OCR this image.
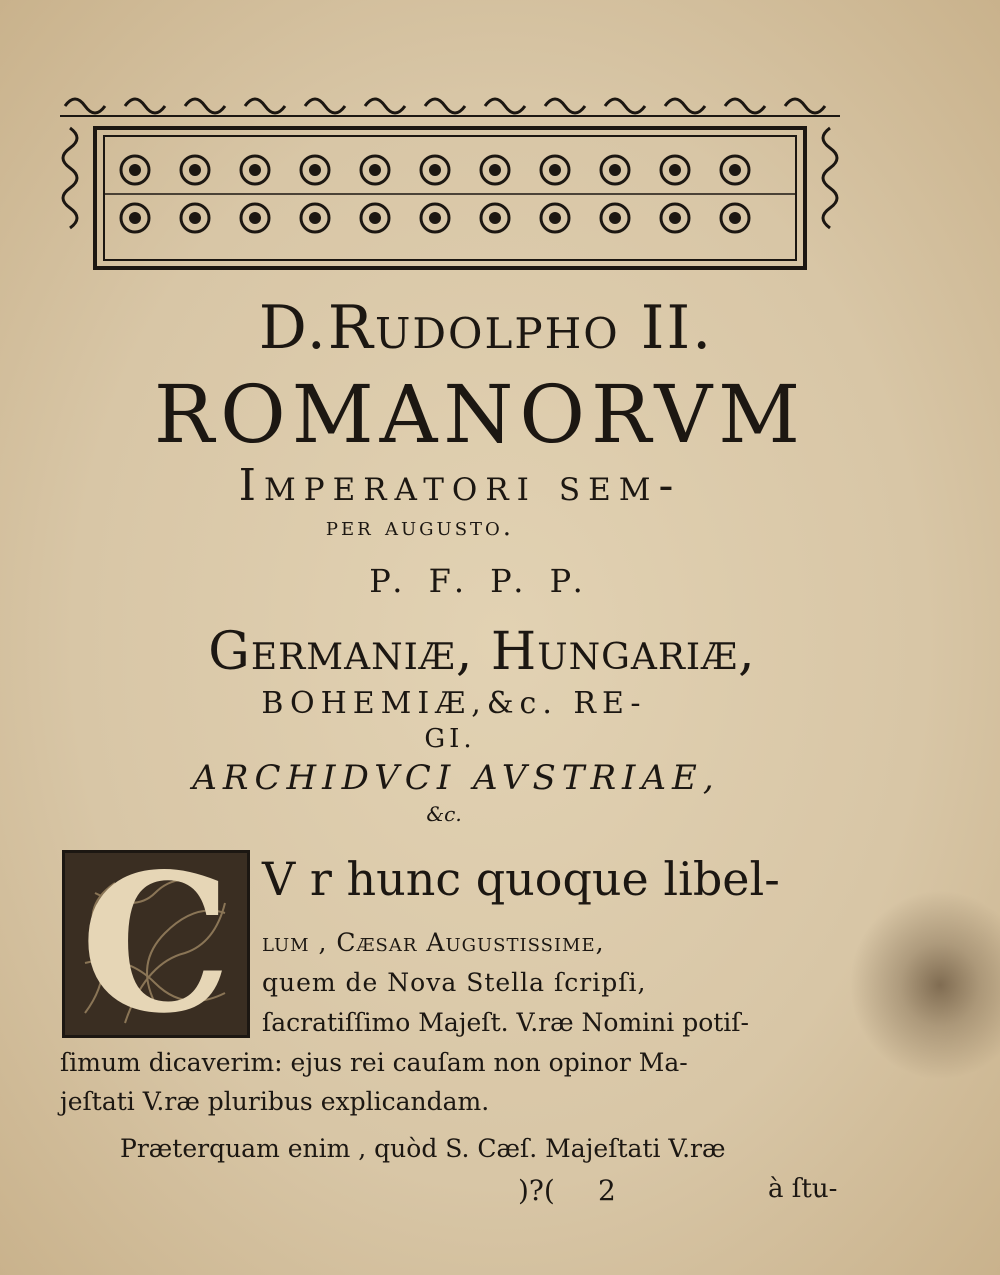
D.Rudolpho II.
ROMANORVM
Imperatori sem-
per augusto.
P. F. P. P.
Germaniæ, Hungariæ,
BOHEMIÆ,&c. RE-
GI.
ARCHIDVCI AVSTRIAE,
&c.
C V r hunc quoque libel-
lum , Cæsar Augustissime,
quem de Nova Stella ſcripſi,
ſacratiſſimo Majeſt. V.ræ Nomini potiſ-
ſimum dicaverim: ejus rei cauſam non opinor Ma-
jeſtati V.ræ pluribus explicandam.
Præterquam enim , quòd S. Cæſ. Majeſtati V.ræ
)?( 2	à ſtu-
